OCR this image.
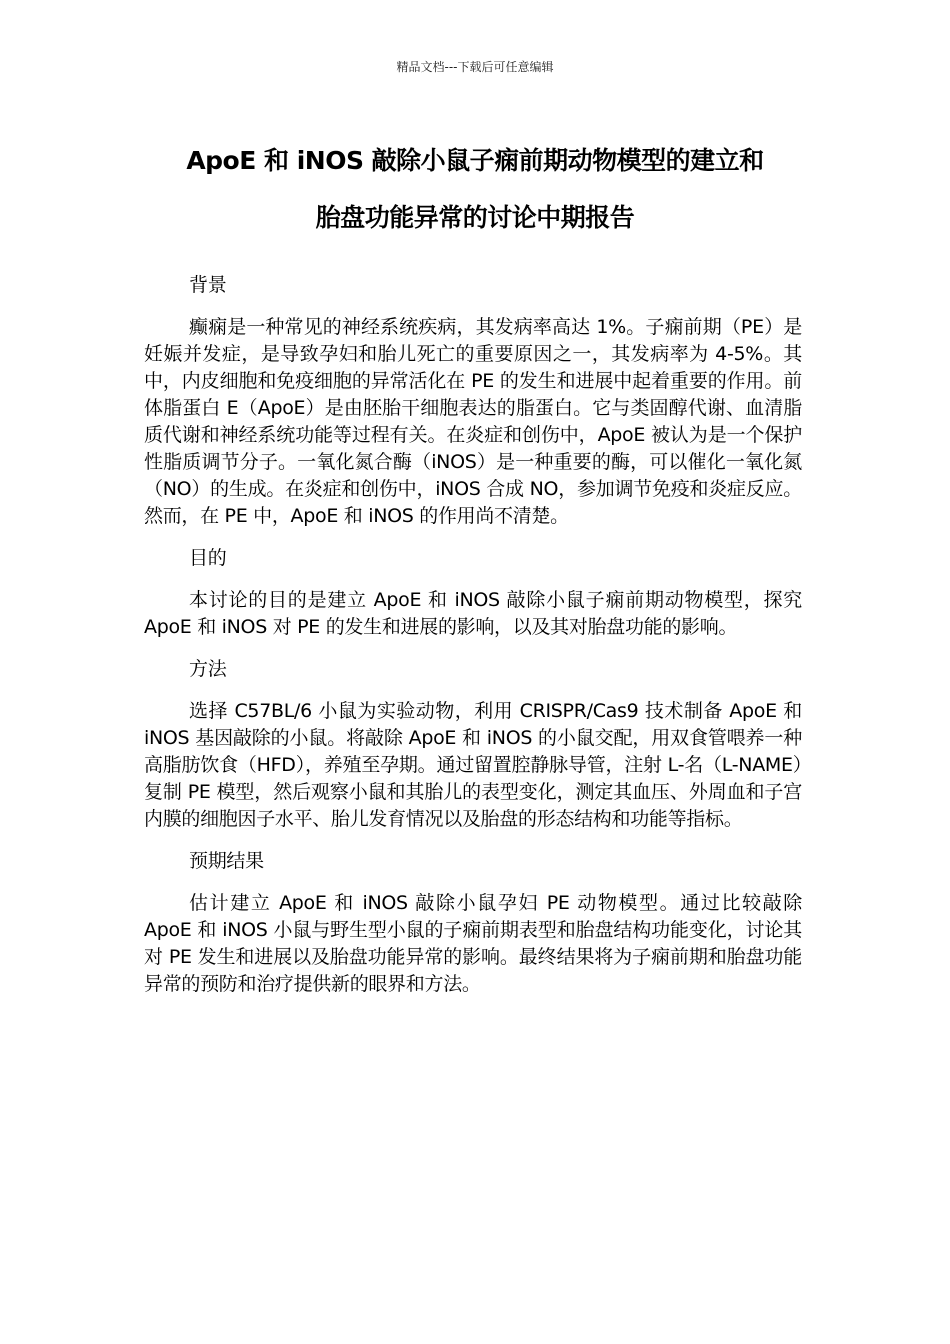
精品文档---下载后可任意编辑
ApoE 和 iNOS 敲除小鼠子痫前期动物模型的建立和
胎盘功能异常的讨论中期报告
背景

癫痫是一种常见的神经系统疾病，其发病率高达 1%。子痫前期（PE）是妊娠并发症，是导致孕妇和胎儿死亡的重要原因之一，其发病率为 4-5%。其中，内皮细胞和免疫细胞的异常活化在 PE 的发生和进展中起着重要的作用。前体脂蛋白 E（ApoE）是由胚胎干细胞表达的脂蛋白。它与类固醇代谢、血清脂质代谢和神经系统功能等过程有关。在炎症和创伤中，ApoE 被认为是一个保护性脂质调节分子。一氧化氮合酶（iNOS）是一种重要的酶，可以催化一氧化氮（NO）的生成。在炎症和创伤中，iNOS 合成 NO，参加调节免疫和炎症反应。然而，在 PE 中，ApoE 和 iNOS 的作用尚不清楚。

目的

本讨论的目的是建立 ApoE 和 iNOS 敲除小鼠子痫前期动物模型，探究 ApoE 和 iNOS 对 PE 的发生和进展的影响，以及其对胎盘功能的影响。

方法

选择 C57BL/6 小鼠为实验动物，利用 CRISPR/Cas9 技术制备 ApoE 和 iNOS 基因敲除的小鼠。将敲除 ApoE 和 iNOS 的小鼠交配，用双食管喂养一种高脂肪饮食（HFD），养殖至孕期。通过留置腔静脉导管，注射 L-名（L-NAME）复制 PE 模型，然后观察小鼠和其胎儿的表型变化，测定其血压、外周血和子宫内膜的细胞因子水平、胎儿发育情况以及胎盘的形态结构和功能等指标。

预期结果

估计建立 ApoE 和 iNOS 敲除小鼠孕妇 PE 动物模型。通过比较敲除 ApoE 和 iNOS 小鼠与野生型小鼠的子痫前期表型和胎盘结构功能变化，讨论其对 PE 发生和进展以及胎盘功能异常的影响。最终结果将为子痫前期和胎盘功能异常的预防和治疗提供新的眼界和方法。
